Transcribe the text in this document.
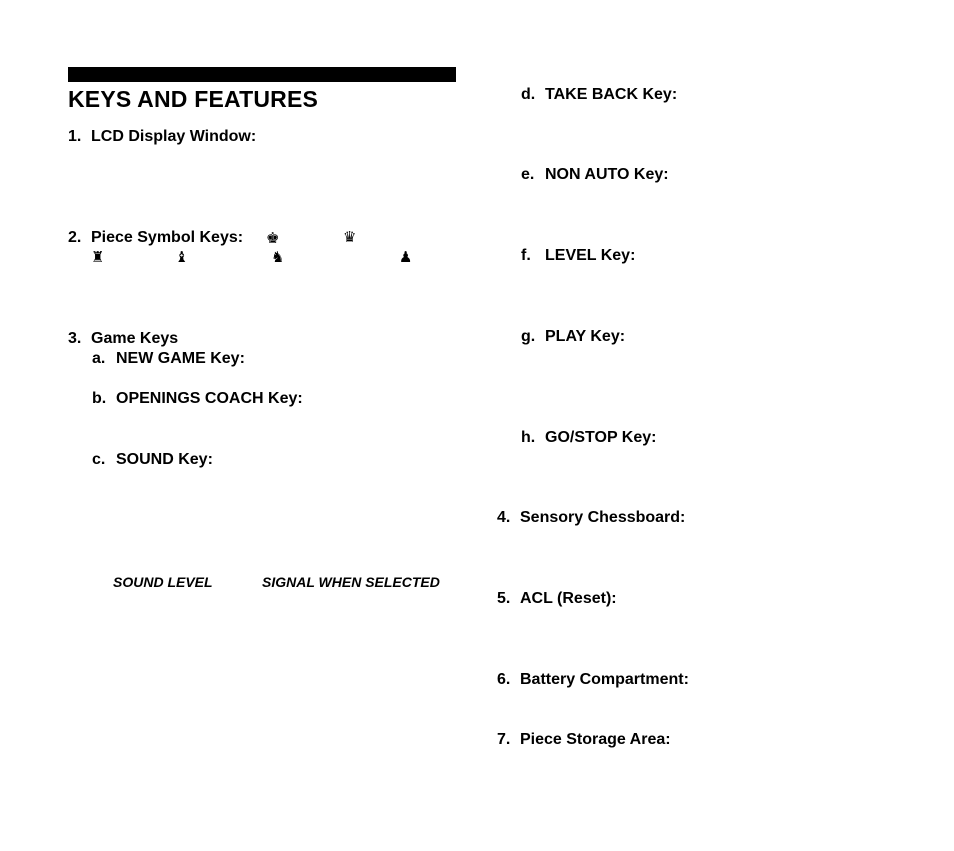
KEYS AND FEATURES
1. LCD Display Window:
2. Piece Symbol Keys: ♚	♛
♜	♝	♞	♟
3. Game Keys
a. NEW GAME Key:
b. OPENINGS COACH Key:
c. SOUND Key:
SOUND LEVEL	SIGNAL WHEN SELECTED
d. TAKE BACK Key:
e. NON AUTO Key:
f. LEVEL Key:
g. PLAY Key:
h. GO/STOP Key:
4. Sensory Chessboard:
5. ACL (Reset):
6. Battery Compartment:
7. Piece Storage Area:
